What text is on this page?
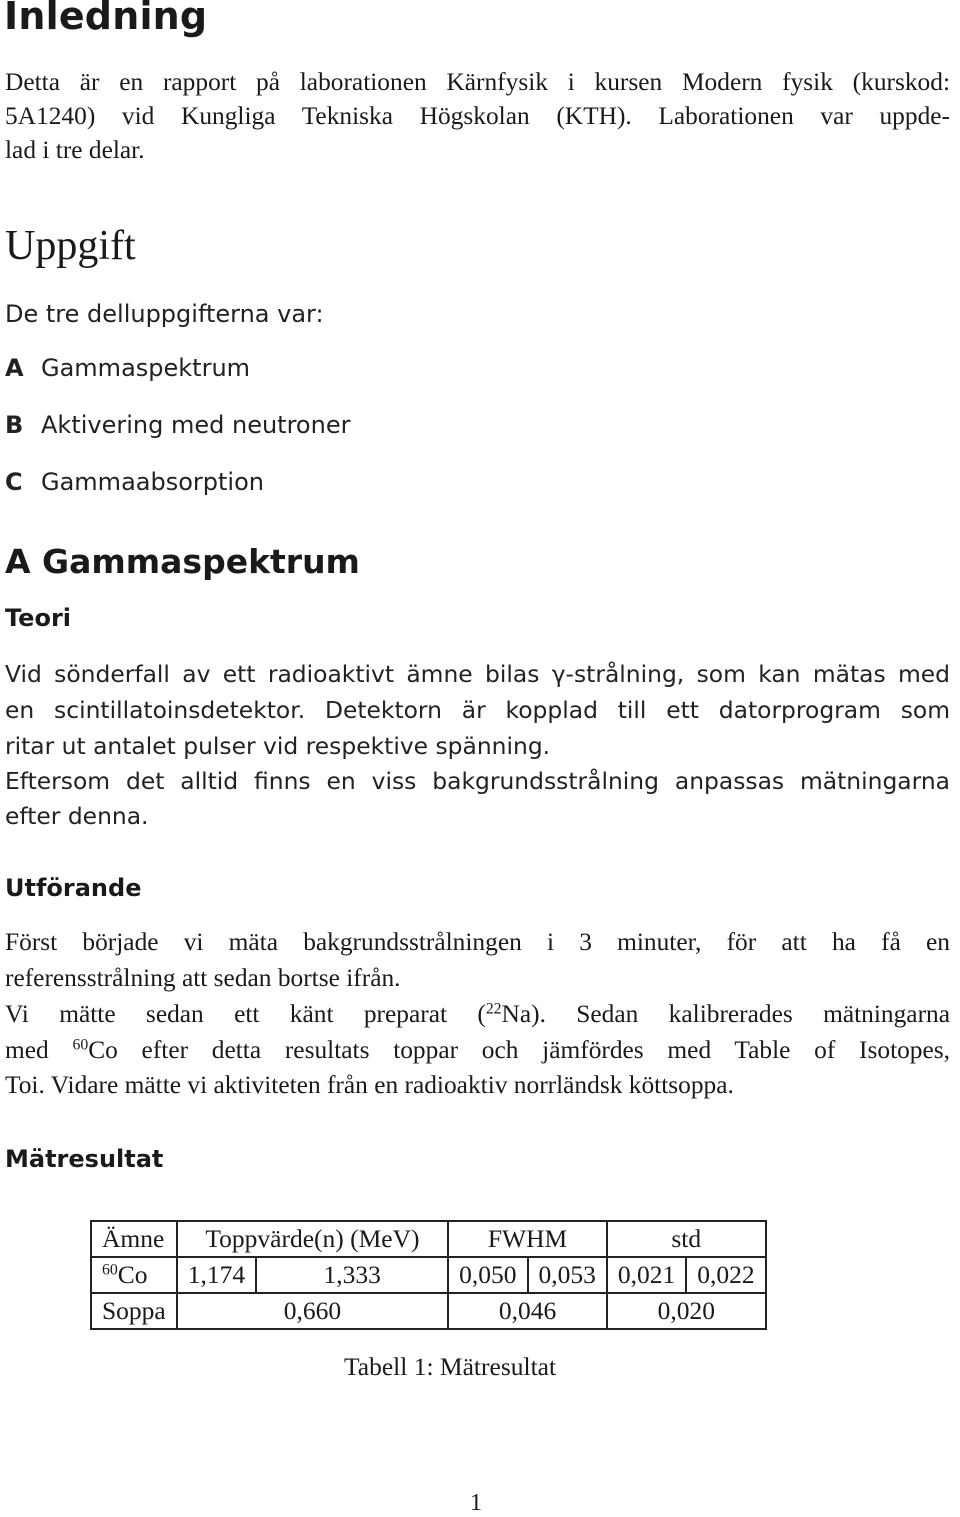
Inledning
Detta är en rapport på laborationen Kärnfysik i kursen Modern fysik (kurskod:
5A1240) vid Kungliga Tekniska Högskolan (KTH). Laborationen var uppde-
lad i tre delar.
Uppgift
De tre delluppgifterna var:
A Gammaspektrum
B Aktivering med neutroner
C Gammaabsorption
A Gammaspektrum
Teori
Vid sönderfall av ett radioaktivt ämne bilas γ-strålning, som kan mätas med
en scintillatoinsdetektor. Detektorn är kopplad till ett datorprogram som
ritar ut antalet pulser vid respektive spänning.
Eftersom det alltid finns en viss bakgrundsstrålning anpassas mätningarna
efter denna.
Utförande
Först började vi mäta bakgrundsstrålningen i 3 minuter, för att ha få en
referensstrålning att sedan bortse ifrån.
Vi mätte sedan ett känt preparat ($^{22}$Na). Sedan kalibrerades mätningarna
med $^{60}$Co efter detta resultats toppar och jämfördes med Table of Isotopes,
Toi. Vidare mätte vi aktiviteten från en radioaktiv norrländsk köttsoppa.
Mätresultat
Ämne	Toppvärde(n) (MeV)		FWHM		std	
$^{60}$Co	1,174	1,333	0,050	0,053	0,021	0,022
Soppa	0,660		0,046		0,020	
Tabell 1: Mätresultat
1
